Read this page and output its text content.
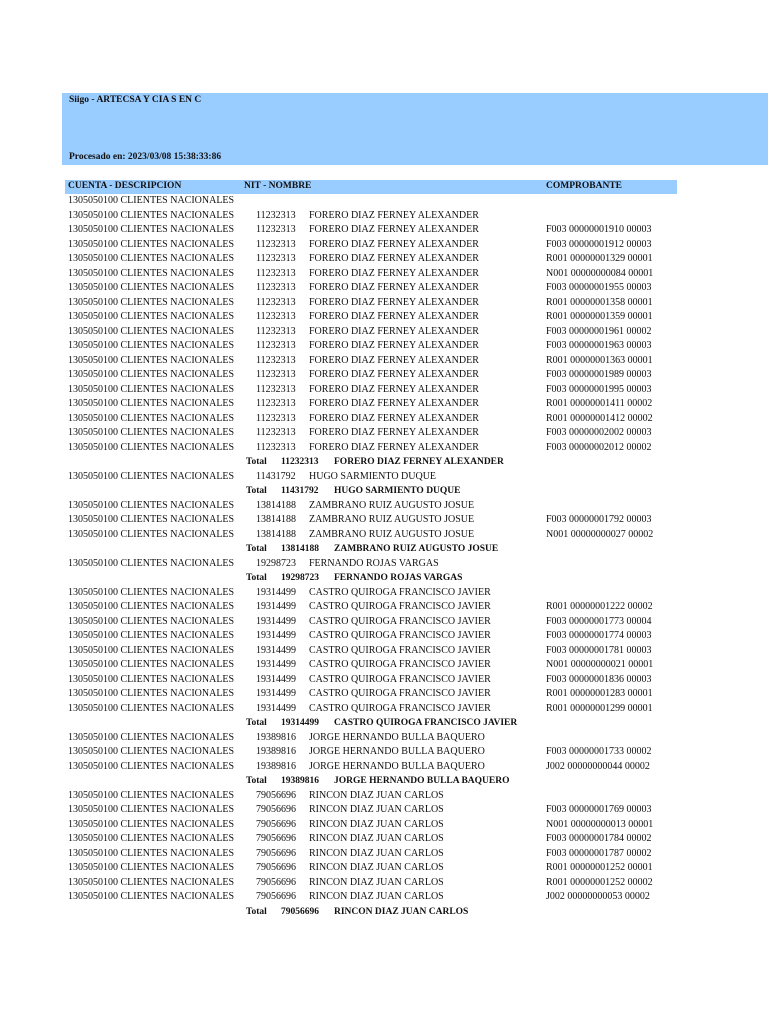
Siigo - ARTECSA Y CIA S EN C
Procesado en: 2023/03/08 15:38:33:86
CUENTA - DESCRIPCION	NIT - NOMBRE	COMPROBANTE
1305050100 CLIENTES NACIONALES
1305050100 CLIENTES NACIONALES 11232313 FORERO DIAZ FERNEY ALEXANDER
1305050100 CLIENTES NACIONALES 11232313 FORERO DIAZ FERNEY ALEXANDER	F003 00000001910 00003
1305050100 CLIENTES NACIONALES 11232313 FORERO DIAZ FERNEY ALEXANDER	F003 00000001912 00003
1305050100 CLIENTES NACIONALES 11232313 FORERO DIAZ FERNEY ALEXANDER	R001 00000001329 00001
1305050100 CLIENTES NACIONALES 11232313 FORERO DIAZ FERNEY ALEXANDER	N001 00000000084 00001
1305050100 CLIENTES NACIONALES 11232313 FORERO DIAZ FERNEY ALEXANDER	F003 00000001955 00003
1305050100 CLIENTES NACIONALES 11232313 FORERO DIAZ FERNEY ALEXANDER	R001 00000001358 00001
1305050100 CLIENTES NACIONALES 11232313 FORERO DIAZ FERNEY ALEXANDER	R001 00000001359 00001
1305050100 CLIENTES NACIONALES 11232313 FORERO DIAZ FERNEY ALEXANDER	F003 00000001961 00002
1305050100 CLIENTES NACIONALES 11232313 FORERO DIAZ FERNEY ALEXANDER	F003 00000001963 00003
1305050100 CLIENTES NACIONALES 11232313 FORERO DIAZ FERNEY ALEXANDER	R001 00000001363 00001
1305050100 CLIENTES NACIONALES 11232313 FORERO DIAZ FERNEY ALEXANDER	F003 00000001989 00003
1305050100 CLIENTES NACIONALES 11232313 FORERO DIAZ FERNEY ALEXANDER	F003 00000001995 00003
1305050100 CLIENTES NACIONALES 11232313 FORERO DIAZ FERNEY ALEXANDER	R001 00000001411 00002
1305050100 CLIENTES NACIONALES 11232313 FORERO DIAZ FERNEY ALEXANDER	R001 00000001412 00002
1305050100 CLIENTES NACIONALES 11232313 FORERO DIAZ FERNEY ALEXANDER	F003 00000002002 00003
1305050100 CLIENTES NACIONALES 11232313 FORERO DIAZ FERNEY ALEXANDER	F003 00000002012 00002
Total 11232313 FORERO DIAZ FERNEY ALEXANDER
1305050100 CLIENTES NACIONALES 11431792 HUGO SARMIENTO DUQUE
Total 11431792 HUGO SARMIENTO DUQUE
1305050100 CLIENTES NACIONALES 13814188 ZAMBRANO RUIZ AUGUSTO JOSUE
1305050100 CLIENTES NACIONALES 13814188 ZAMBRANO RUIZ AUGUSTO JOSUE	F003 00000001792 00003
1305050100 CLIENTES NACIONALES 13814188 ZAMBRANO RUIZ AUGUSTO JOSUE	N001 00000000027 00002
Total 13814188 ZAMBRANO RUIZ AUGUSTO JOSUE
1305050100 CLIENTES NACIONALES 19298723 FERNANDO ROJAS VARGAS
Total 19298723 FERNANDO ROJAS VARGAS
1305050100 CLIENTES NACIONALES 19314499 CASTRO QUIROGA FRANCISCO JAVIER
1305050100 CLIENTES NACIONALES 19314499 CASTRO QUIROGA FRANCISCO JAVIER	R001 00000001222 00002
1305050100 CLIENTES NACIONALES 19314499 CASTRO QUIROGA FRANCISCO JAVIER	F003 00000001773 00004
1305050100 CLIENTES NACIONALES 19314499 CASTRO QUIROGA FRANCISCO JAVIER	F003 00000001774 00003
1305050100 CLIENTES NACIONALES 19314499 CASTRO QUIROGA FRANCISCO JAVIER	F003 00000001781 00003
1305050100 CLIENTES NACIONALES 19314499 CASTRO QUIROGA FRANCISCO JAVIER	N001 00000000021 00001
1305050100 CLIENTES NACIONALES 19314499 CASTRO QUIROGA FRANCISCO JAVIER	F003 00000001836 00003
1305050100 CLIENTES NACIONALES 19314499 CASTRO QUIROGA FRANCISCO JAVIER	R001 00000001283 00001
1305050100 CLIENTES NACIONALES 19314499 CASTRO QUIROGA FRANCISCO JAVIER	R001 00000001299 00001
Total 19314499 CASTRO QUIROGA FRANCISCO JAVIER
1305050100 CLIENTES NACIONALES 19389816 JORGE HERNANDO BULLA BAQUERO
1305050100 CLIENTES NACIONALES 19389816 JORGE HERNANDO BULLA BAQUERO	F003 00000001733 00002
1305050100 CLIENTES NACIONALES 19389816 JORGE HERNANDO BULLA BAQUERO	J002 00000000044 00002
Total 19389816 JORGE HERNANDO BULLA BAQUERO
1305050100 CLIENTES NACIONALES 79056696 RINCON DIAZ JUAN CARLOS
1305050100 CLIENTES NACIONALES 79056696 RINCON DIAZ JUAN CARLOS	F003 00000001769 00003
1305050100 CLIENTES NACIONALES 79056696 RINCON DIAZ JUAN CARLOS	N001 00000000013 00001
1305050100 CLIENTES NACIONALES 79056696 RINCON DIAZ JUAN CARLOS	F003 00000001784 00002
1305050100 CLIENTES NACIONALES 79056696 RINCON DIAZ JUAN CARLOS	F003 00000001787 00002
1305050100 CLIENTES NACIONALES 79056696 RINCON DIAZ JUAN CARLOS	R001 00000001252 00001
1305050100 CLIENTES NACIONALES 79056696 RINCON DIAZ JUAN CARLOS	R001 00000001252 00002
1305050100 CLIENTES NACIONALES 79056696 RINCON DIAZ JUAN CARLOS	J002 00000000053 00002
Total 79056696 RINCON DIAZ JUAN CARLOS
